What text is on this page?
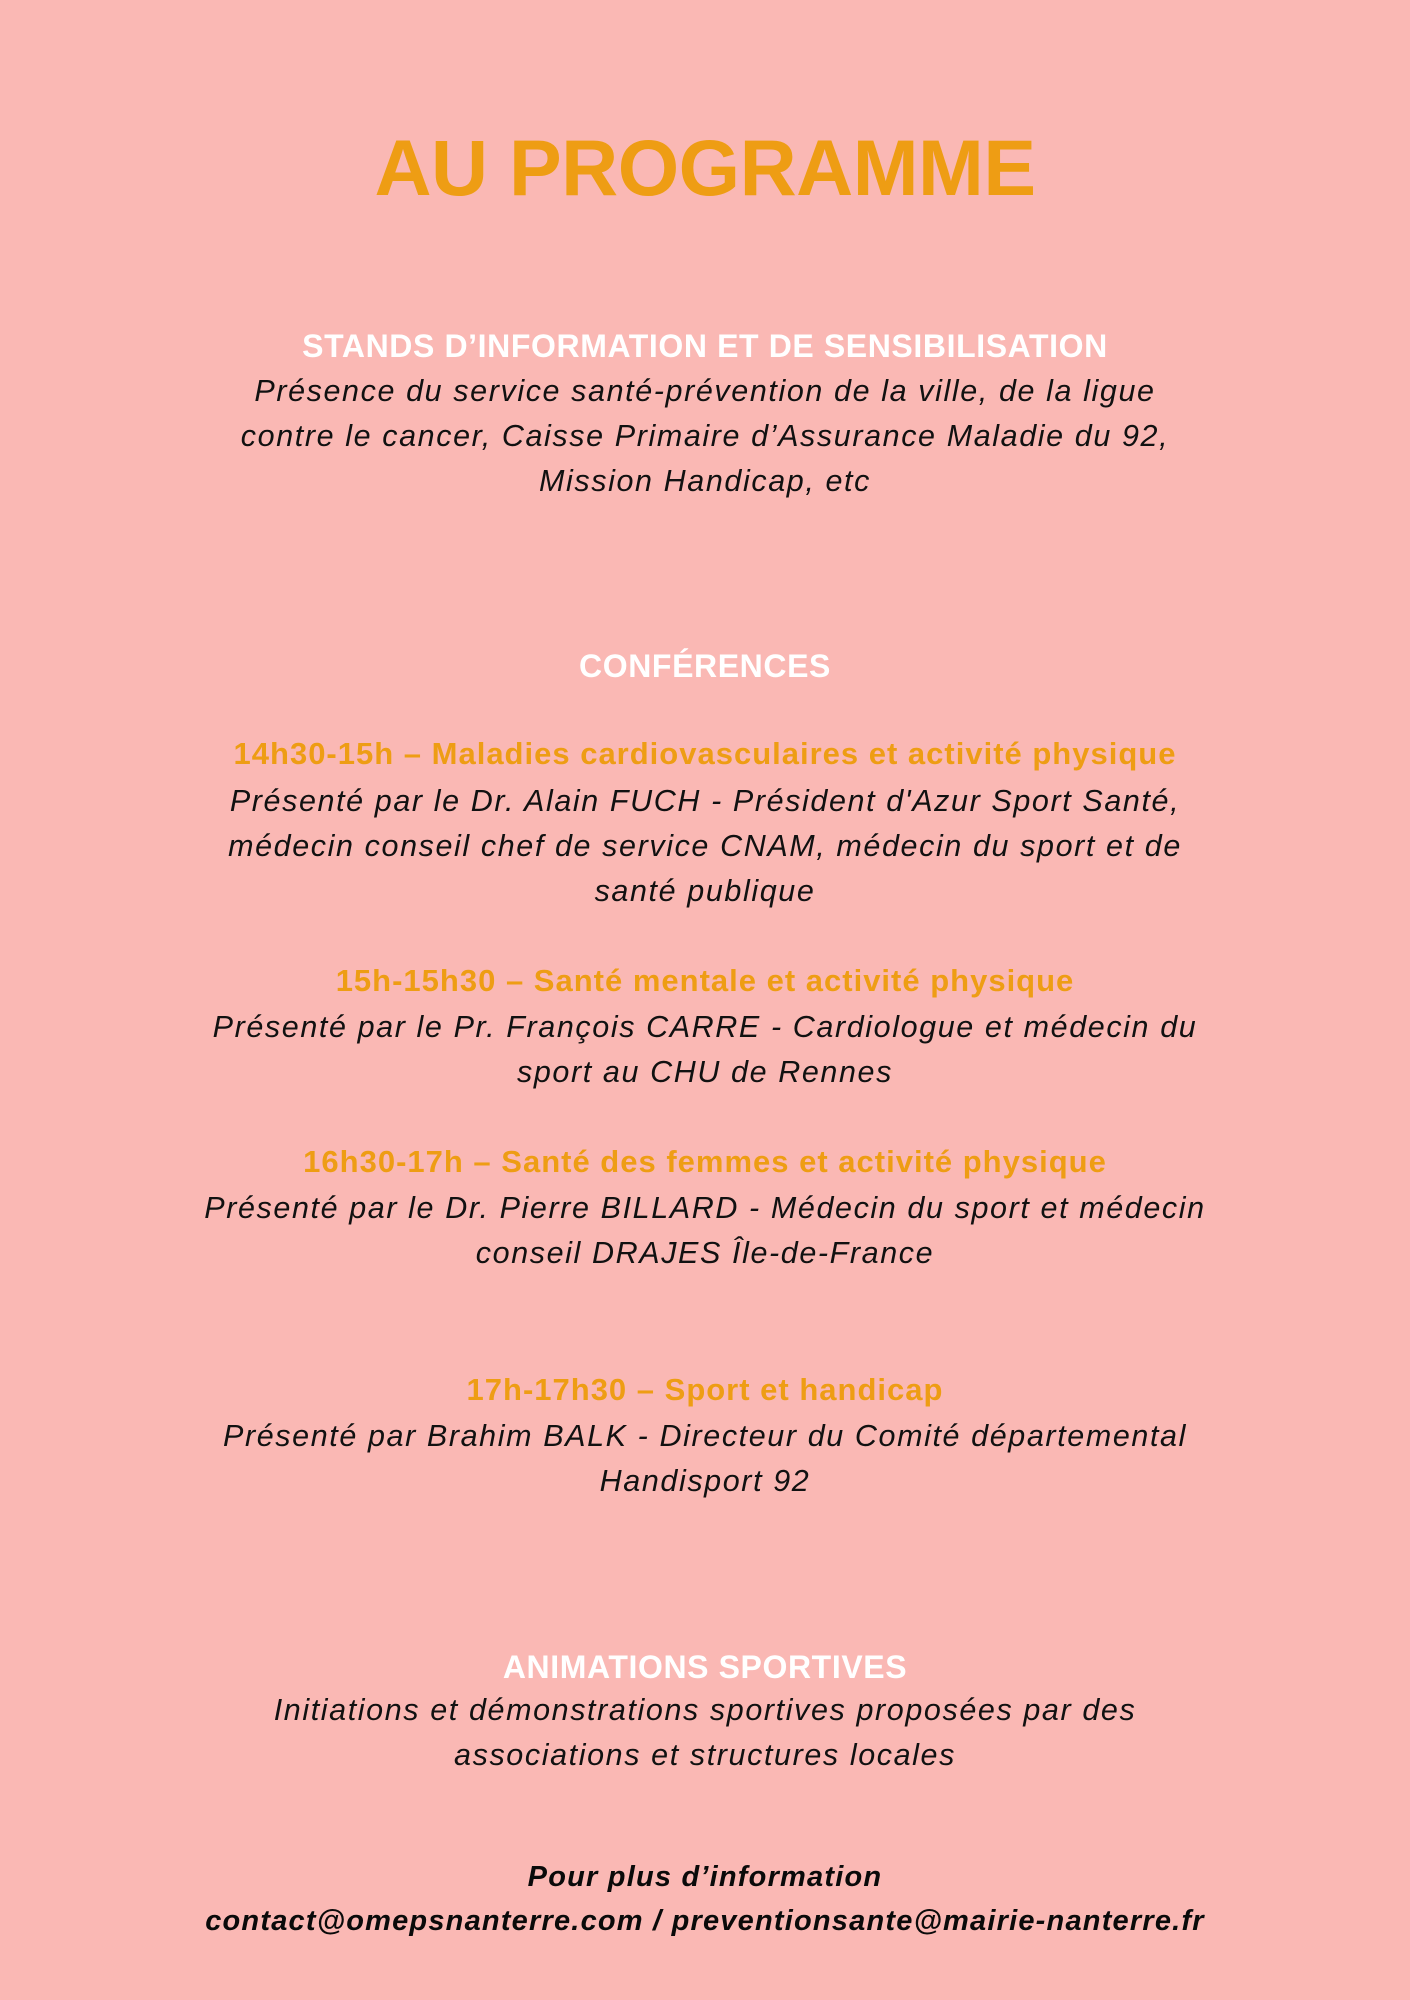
AU PROGRAMME
STANDS D’INFORMATION ET DE SENSIBILISATION
Présence du service santé-prévention de la ville, de la ligue
contre le cancer, Caisse Primaire d’Assurance Maladie du 92,
Mission Handicap, etc
CONFÉRENCES
14h30-15h – Maladies cardiovasculaires et activité physique
Présenté par le Dr. Alain FUCH - Président d'Azur Sport Santé,
médecin conseil chef de service CNAM, médecin du sport et de
santé publique
15h-15h30 – Santé mentale et activité physique
Présenté par le Pr. François CARRE - Cardiologue et médecin du
sport au CHU de Rennes
16h30-17h – Santé des femmes et activité physique
Présenté par le Dr. Pierre BILLARD - Médecin du sport et médecin
conseil DRAJES Île-de-France
17h-17h30 – Sport et handicap
Présenté par Brahim BALK - Directeur du Comité départemental
Handisport 92
ANIMATIONS SPORTIVES
Initiations et démonstrations sportives proposées par des
associations et structures locales
Pour plus d’information
contact@omepsnanterre.com / preventionsante@mairie-nanterre.fr
